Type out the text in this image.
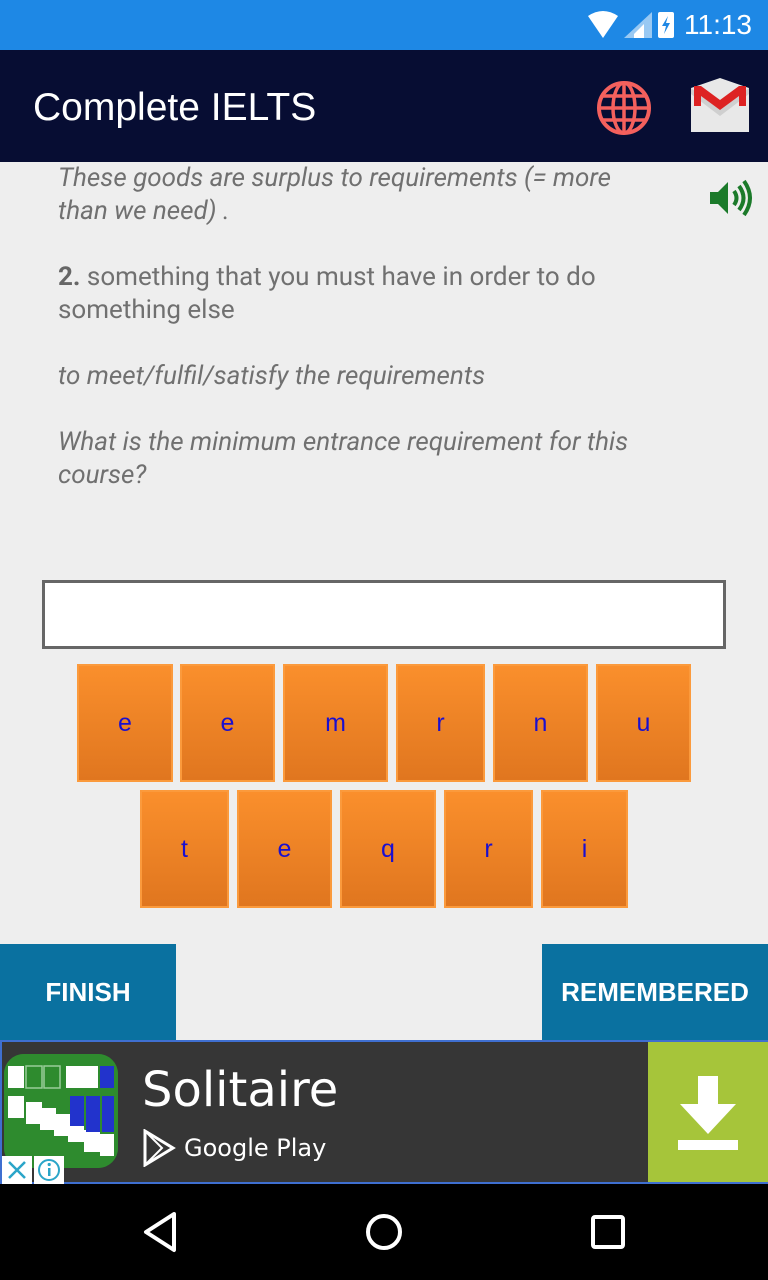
11:13
Complete IELTS

These goods are surplus to requirements (= more

than we need) .

2. something that you must have in order to do something else

to meet/fulfil/satisfy the requirements

What is the minimum entrance requirement for this course?

e	e	m	r	n	u
t	e	q	r	i
FINISH	REMEMBERED
Solitaire
Google Play
